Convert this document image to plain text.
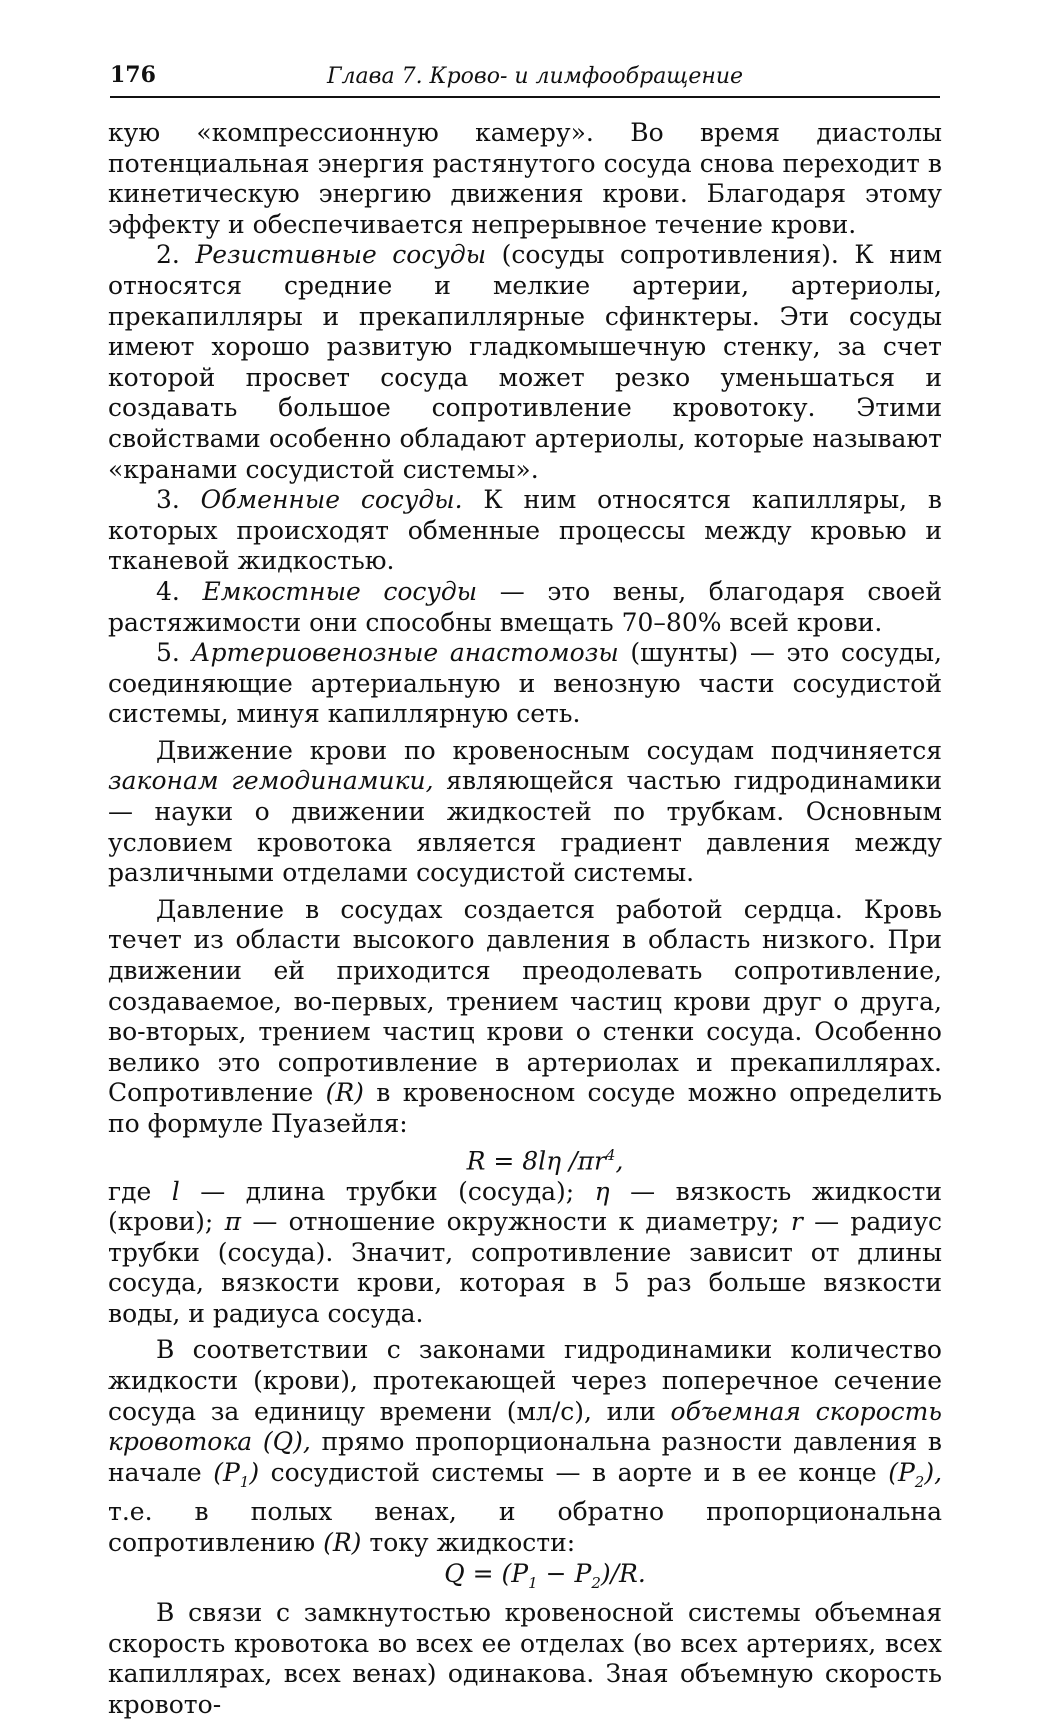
176	Глава 7. Крово- и лимфообращение

кую «компрессионную камеру». Во время диастолы потенциальная энергия растянутого сосуда снова переходит в кинетическую энергию движения крови. Благодаря этому эффекту и обеспечивается непрерывное течение крови.

2. Резистивные сосуды (сосуды сопротивления). К ним относятся средние и мелкие артерии, артериолы, прекапилляры и прекапиллярные сфинктеры. Эти сосуды имеют хорошо развитую гладкомышечную стенку, за счет которой просвет сосуда может резко уменьшаться и создавать большое сопротивление кровотоку. Этими свойствами особенно обладают артериолы, которые называют «кранами сосудистой системы».

3. Обменные сосуды. К ним относятся капилляры, в которых происходят обменные процессы между кровью и тканевой жидкостью.

4. Емкостные сосуды — это вены, благодаря своей растяжимости они способны вмещать 70–80% всей крови.

5. Артериовенозные анастомозы (шунты) — это сосуды, соединяющие артериальную и венозную части сосудистой системы, минуя капиллярную сеть.

Движение крови по кровеносным сосудам подчиняется законам гемодинамики, являющейся частью гидродинамики — науки о движении жидкостей по трубкам. Основным условием кровотока является градиент давления между различными отделами сосудистой системы.

Давление в сосудах создается работой сердца. Кровь течет из области высокого давления в область низкого. При движении ей приходится преодолевать сопротивление, создаваемое, во-первых, трением частиц крови друг о друга, во-вторых, трением частиц крови о стенки сосуда. Особенно велико это сопротивление в артериолах и прекапиллярах. Сопротивление (R) в кровеносном сосуде можно определить по формуле Пуазейля:

R = 8lη $/\pi r^4$,

где l — длина трубки (сосуда); η — вязкость жидкости (крови); π — отношение окружности к диаметру; r — радиус трубки (сосуда). Значит, сопротивление зависит от длины сосуда, вязкости крови, которая в 5 раз больше вязкости воды, и радиуса сосуда.

В соответствии с законами гидродинамики количество жидкости (крови), протекающей через поперечное сечение сосуда за единицу времени (мл/с), или объемная скорость кровотока (Q), прямо пропорциональна разности давления в начале $(P_1)$ сосудистой системы — в аорте и в ее конце $(P_2)$, т.е. в полых венах, и обратно пропорциональна сопротивлению (R) току жидкости:

$Q = (P_1 - P_2)/R$.

В связи с замкнутостью кровеносной системы объемная скорость кровотока во всех ее отделах (во всех артериях, всех капиллярах, всех венах) одинакова. Зная объемную скорость кровото-
